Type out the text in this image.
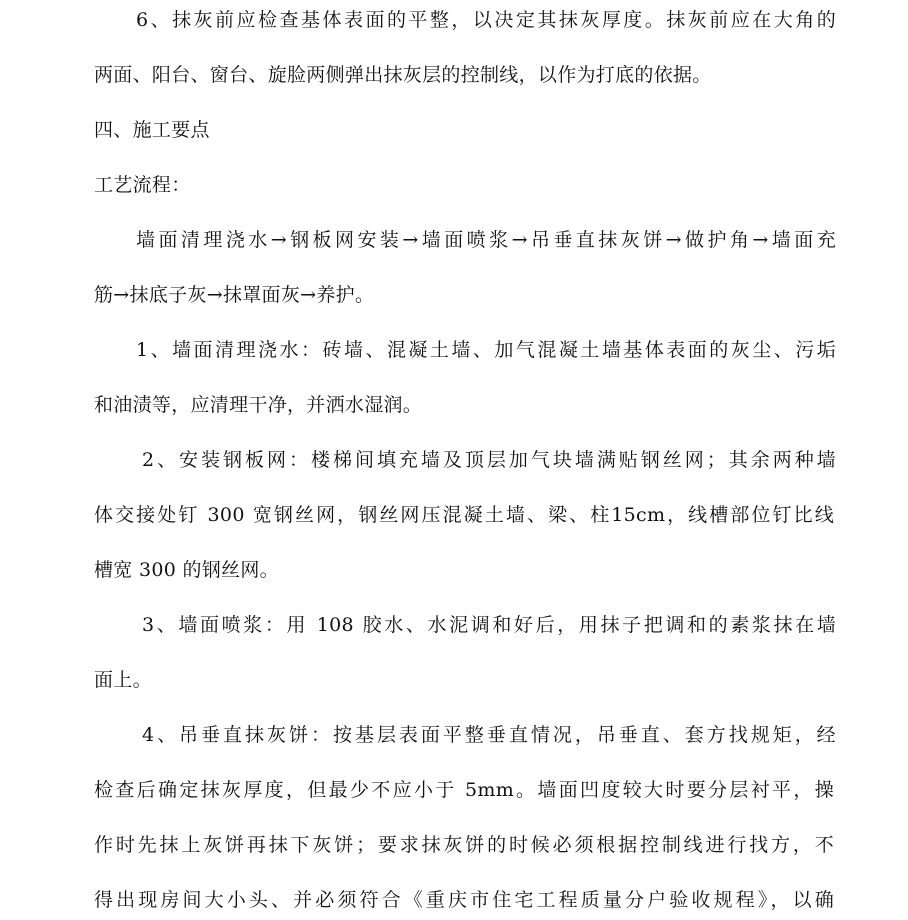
6、抹灰前应检查基体表面的平整，以决定其抹灰厚度。抹灰前应在大角的
两面、阳台、窗台、旋脸两侧弹出抹灰层的控制线，以作为打底的依据。
四、施工要点
工艺流程：
墙面清理浇水→钢板网安装→墙面喷浆→吊垂直抹灰饼→做护角→墙面充
筋→抹底子灰→抹罩面灰→养护。
1、墙面清理浇水：砖墙、混凝土墙、加气混凝土墙基体表面的灰尘、污垢
和油渍等，应清理干净，并洒水湿润。
2、安装钢板网：楼梯间填充墙及顶层加气块墙满贴钢丝网；其余两种墙
体交接处钉 300 宽钢丝网，钢丝网压混凝土墙、梁、柱15cm，线槽部位钉比线
槽宽 300 的钢丝网。
3、墙面喷浆：用 108 胶水、水泥调和好后，用抹子把调和的素浆抹在墙
面上。
4、吊垂直抹灰饼：按基层表面平整垂直情况，吊垂直、套方找规矩，经
检查后确定抹灰厚度，但最少不应小于 5mm。墙面凹度较大时要分层衬平，操
作时先抹上灰饼再抹下灰饼；要求抹灰饼的时候必须根据控制线进行找方，不
得出现房间大小头、并必须符合《重庆市住宅工程质量分户验收规程》，以确
